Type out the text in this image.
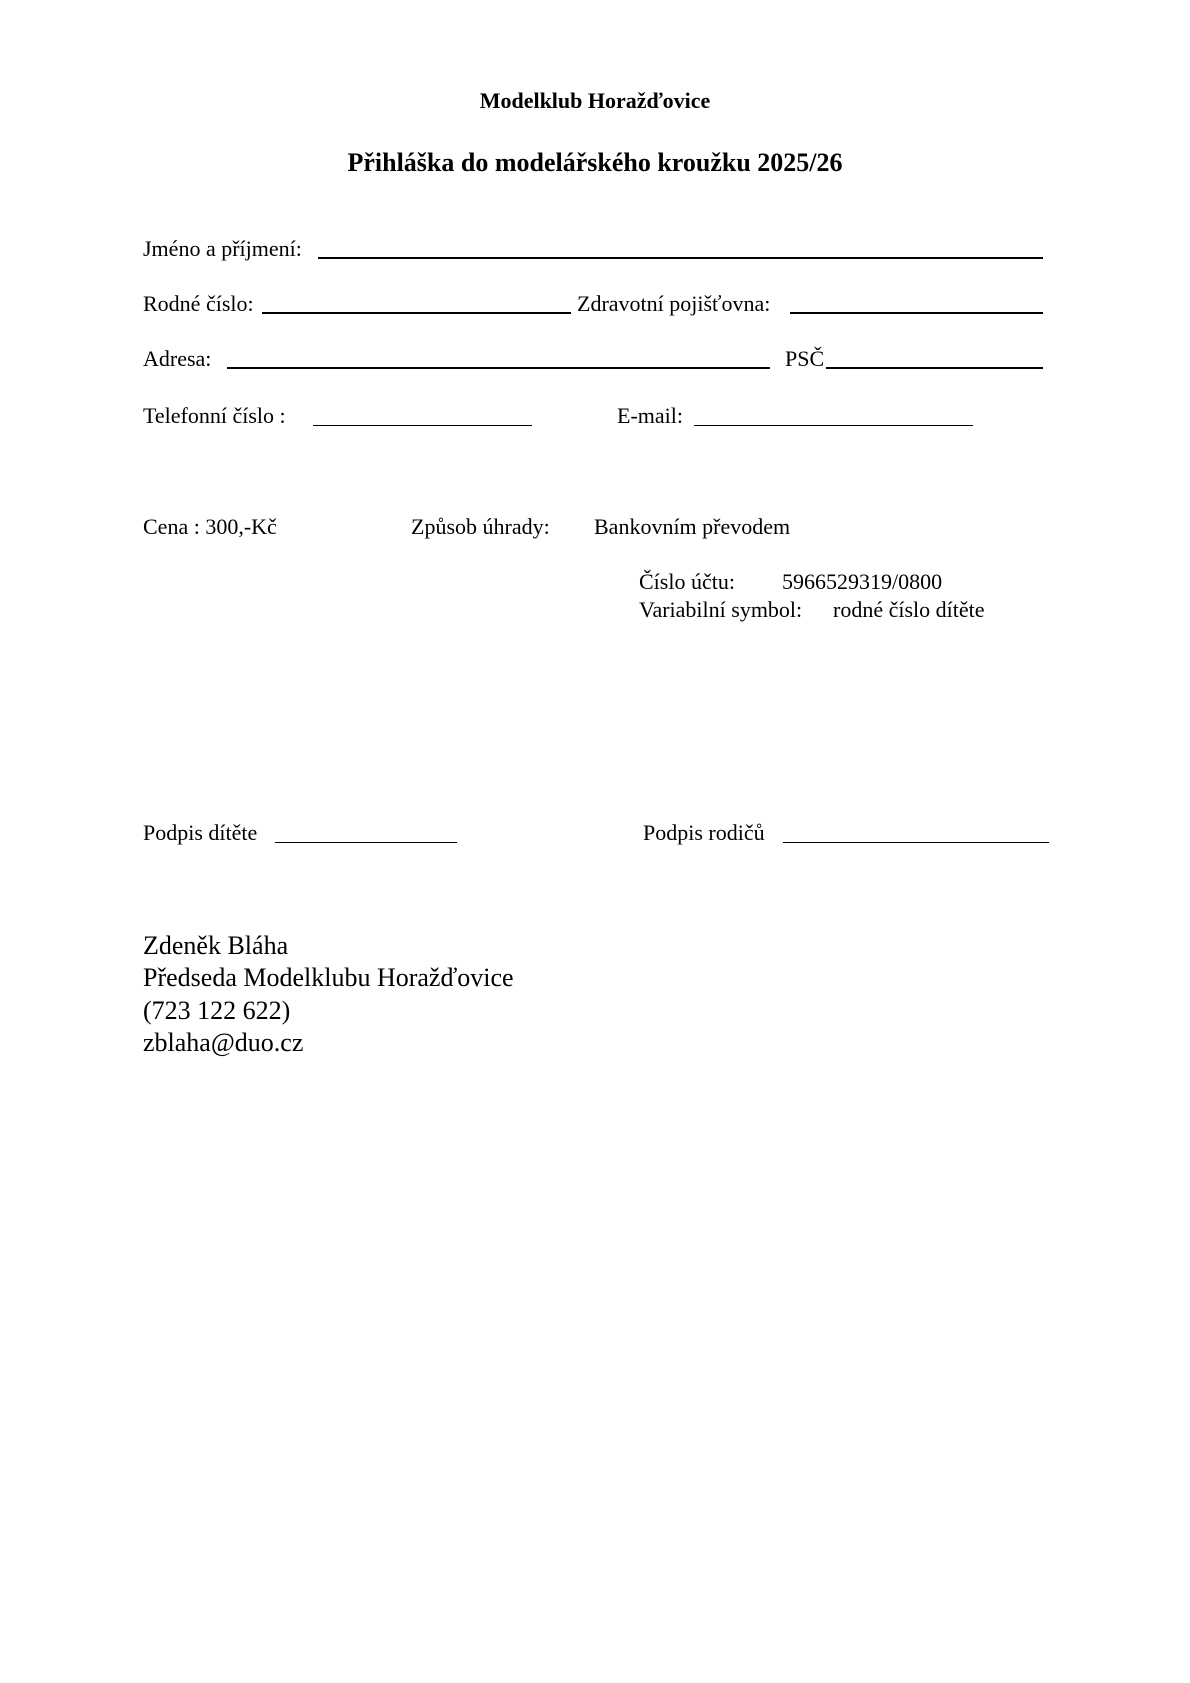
Modelklub Horažďovice
Přihláška do modelářského kroužku 2025/26
Jméno a příjmení:
Rodné číslo:	Zdravotní pojišťovna:
Adresa:	PSČ
Telefonní číslo :	E-mail:
Cena : 300,-Kč	Způsob úhrady: Bankovním převodem
Číslo účtu: 5966529319/0800
Variabilní symbol: rodné číslo dítěte
Podpis dítěte	Podpis rodičů
Zdeněk Bláha
Předseda Modelklubu Horažďovice
(723 122 622)
zblaha@duo.cz
